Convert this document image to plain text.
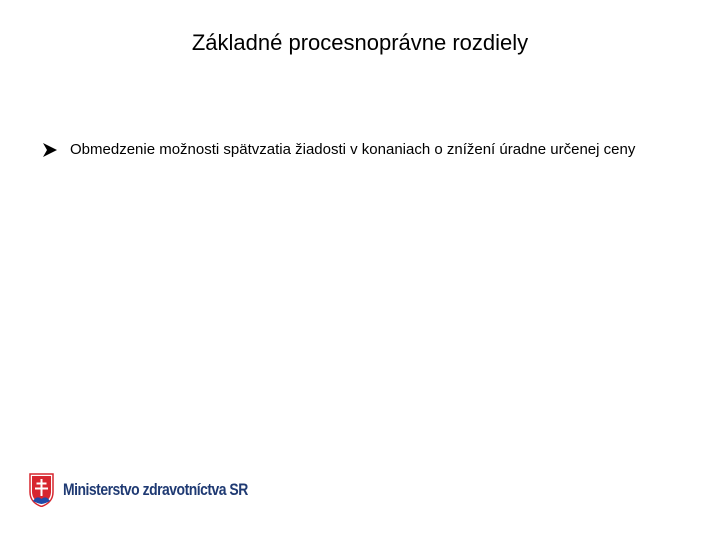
Základné procesnoprávne rozdiely
Obmedzenie možnosti spätvzatia žiadosti v konaniach o znížení úradne určenej ceny
Ministerstvo zdravotníctva SR
